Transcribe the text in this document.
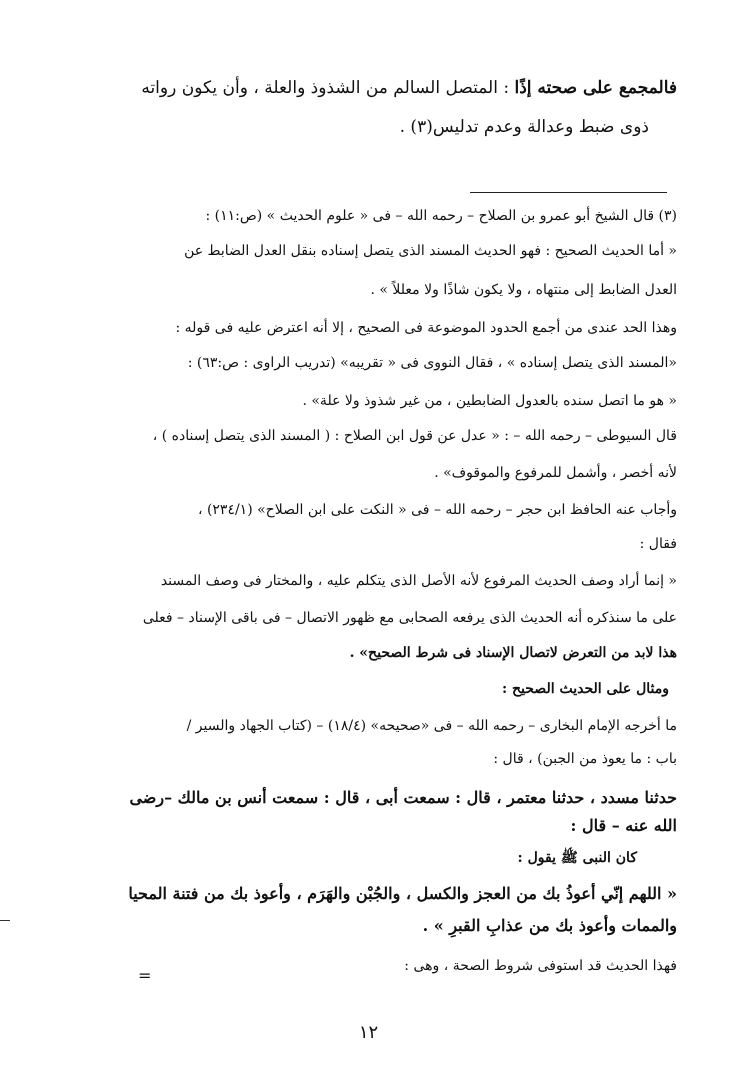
فالمجمع على صحته إذًا : المتصل السالم من الشذوذ والعلة ، وأن يكون رواته
ذوى ضبط وعدالة وعدم تدليس(٣) .
(٣) قال الشيخ أبو عمرو بن الصلاح – رحمه الله – فى « علوم الحديث » (ص:١١) :
« أما الحديث الصحيح : فهو الحديث المسند الذى يتصل إسناده بنقل العدل الضابط عن
العدل الضابط إلى منتهاه ، ولا يكون شاذًا ولا معللاً » .
وهذا الحد عندى من أجمع الحدود الموضوعة فى الصحيح ، إلا أنه اعترض عليه فى قوله :
«المسند الذى يتصل إسناده » ، فقال النووى فى « تقريبه» (تدريب الراوى : ص:٦٣) :
« هو ما اتصل سنده بالعدول الضابطين ، من غير شذوذ ولا علة» .
قال السيوطى – رحمه الله – : « عدل عن قول ابن الصلاح : ( المسند الذى يتصل إسناده ) ،
لأنه أخصر ، وأشمل للمرفوع والموقوف» .
وأجاب عنه الحافظ ابن حجر – رحمه الله – فى « النكت على ابن الصلاح» (٢٣٤/١) ،
فقال :
« إنما أراد وصف الحديث المرفوع لأنه الأصل الذى يتكلم عليه ، والمختار فى وصف المسند
على ما سنذكره أنه الحديث الذى يرفعه الصحابى مع ظهور الاتصال – فى باقى الإسناد – فعلى
هذا لابد من التعرض لاتصال الإسناد فى شرط الصحيح» .
ومثال على الحديث الصحيح :
ما أخرجه الإمام البخارى – رحمه الله – فى «صحيحه» (١٨/٤) – (كتاب الجهاد والسير /
باب : ما يعوذ من الجبن) ، قال :
حدثنا مسدد ، حدثنا معتمر ، قال : سمعت أبى ، قال : سمعت أنس بن مالك –رضى
الله عنه – قال :
كان النبى ﷺ يقول :
« اللهم إنّي أعوذُ بك من العجز والكسل ، والجُبْن والهَرَم ، وأعوذ بك من فتنة المحيا
والممات وأعوذ بك من عذابِ القبرِ » .
فهذا الحديث قد استوفى شروط الصحة ، وهى :
=
١٢
